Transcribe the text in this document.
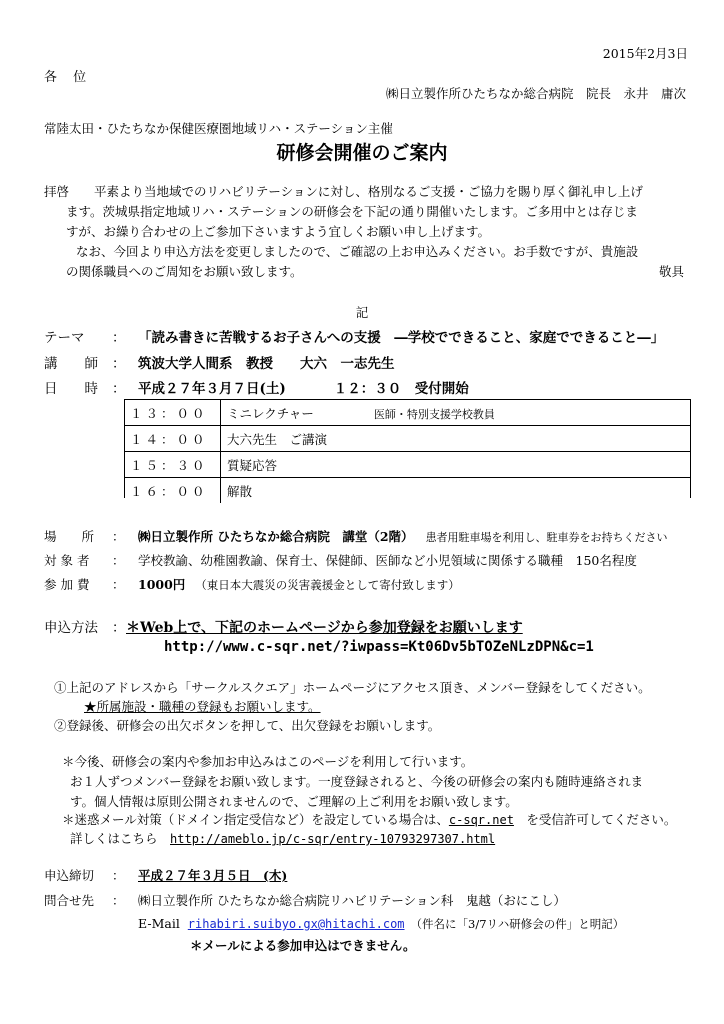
2015年2月3日
各 位
㈱日立製作所ひたちなか総合病院　院長　永井　庸次
常陸太田・ひたちなか保健医療圏地域リハ・ステーション主催
研修会開催のご案内

拝啓　　平素より当地域でのリハビリテーションに対し、格別なるご支援・ご協力を賜り厚く御礼申し上げ

ます。茨城県指定地域リハ・ステーションの研修会を下記の通り開催いたします。ご多用中とは存じま

すが、お繰り合わせの上ご参加下さいますよう宜しくお願い申し上げます。

なお、今回より申込方法を変更しましたので、ご確認の上お申込みください。お手数ですが、貴施設

の関係職員へのご周知をお願い致します。	敬具
記
テーマ ： 「読み書きに苦戦するお子さんへの支援　―学校でできること、家庭でできること―」
講　　師 ： 筑波大学人間系　教授　　大六　一志先生
日　　時 ： 平成２７年３月７日(土)	１２：３０　受付開始
１３：００	ミニレクチャー 医師・特別支援学校教員
１４：００	大六先生　ご講演
１５：３０	質疑応答
１６：００	解散
場　　所 ： ㈱日立製作所 ひたちなか総合病院　講堂（2階） 患者用駐車場を利用し、駐車券をお持ちください
対 象 者 ： 学校教諭、幼稚園教諭、保育士、保健師、医師など小児領域に関係する職種　150名程度
参 加 費 ： 1000円 （東日本大震災の災害義援金として寄付致します）
申込方法 ：＊Web上で、下記のホームページから参加登録をお願いします
http://www.c-sqr.net/?iwpass=Kt06Dv5bTOZeNLzDPN&c=1
①上記のアドレスから「サークルスクエア」ホームページにアクセス頂き、メンバー登録をしてください。
★所属施設・職種の登録もお願いします。
②登録後、研修会の出欠ボタンを押して、出欠登録をお願いします。
＊今後、研修会の案内や参加お申込みはこのページを利用して行います。
お１人ずつメンバー登録をお願い致します。一度登録されると、今後の研修会の案内も随時連絡されま
す。個人情報は原則公開されませんので、ご理解の上ご利用をお願い致します。
＊迷惑メール対策（ドメイン指定受信など）を設定している場合は、c-sqr.net　を受信許可してください。
詳しくはこちら　http://ameblo.jp/c-sqr/entry-10793297307.html
申込締切 ： 平成２７年３月５日　(木)
問合せ先 ： ㈱日立製作所 ひたちなか総合病院リハビリテーション科　鬼越（おにこし）
E-Mail rihabiri.suibyo.gx@hitachi.com （件名に「3/7リハ研修会の件」と明記）
＊メールによる参加申込はできません。
